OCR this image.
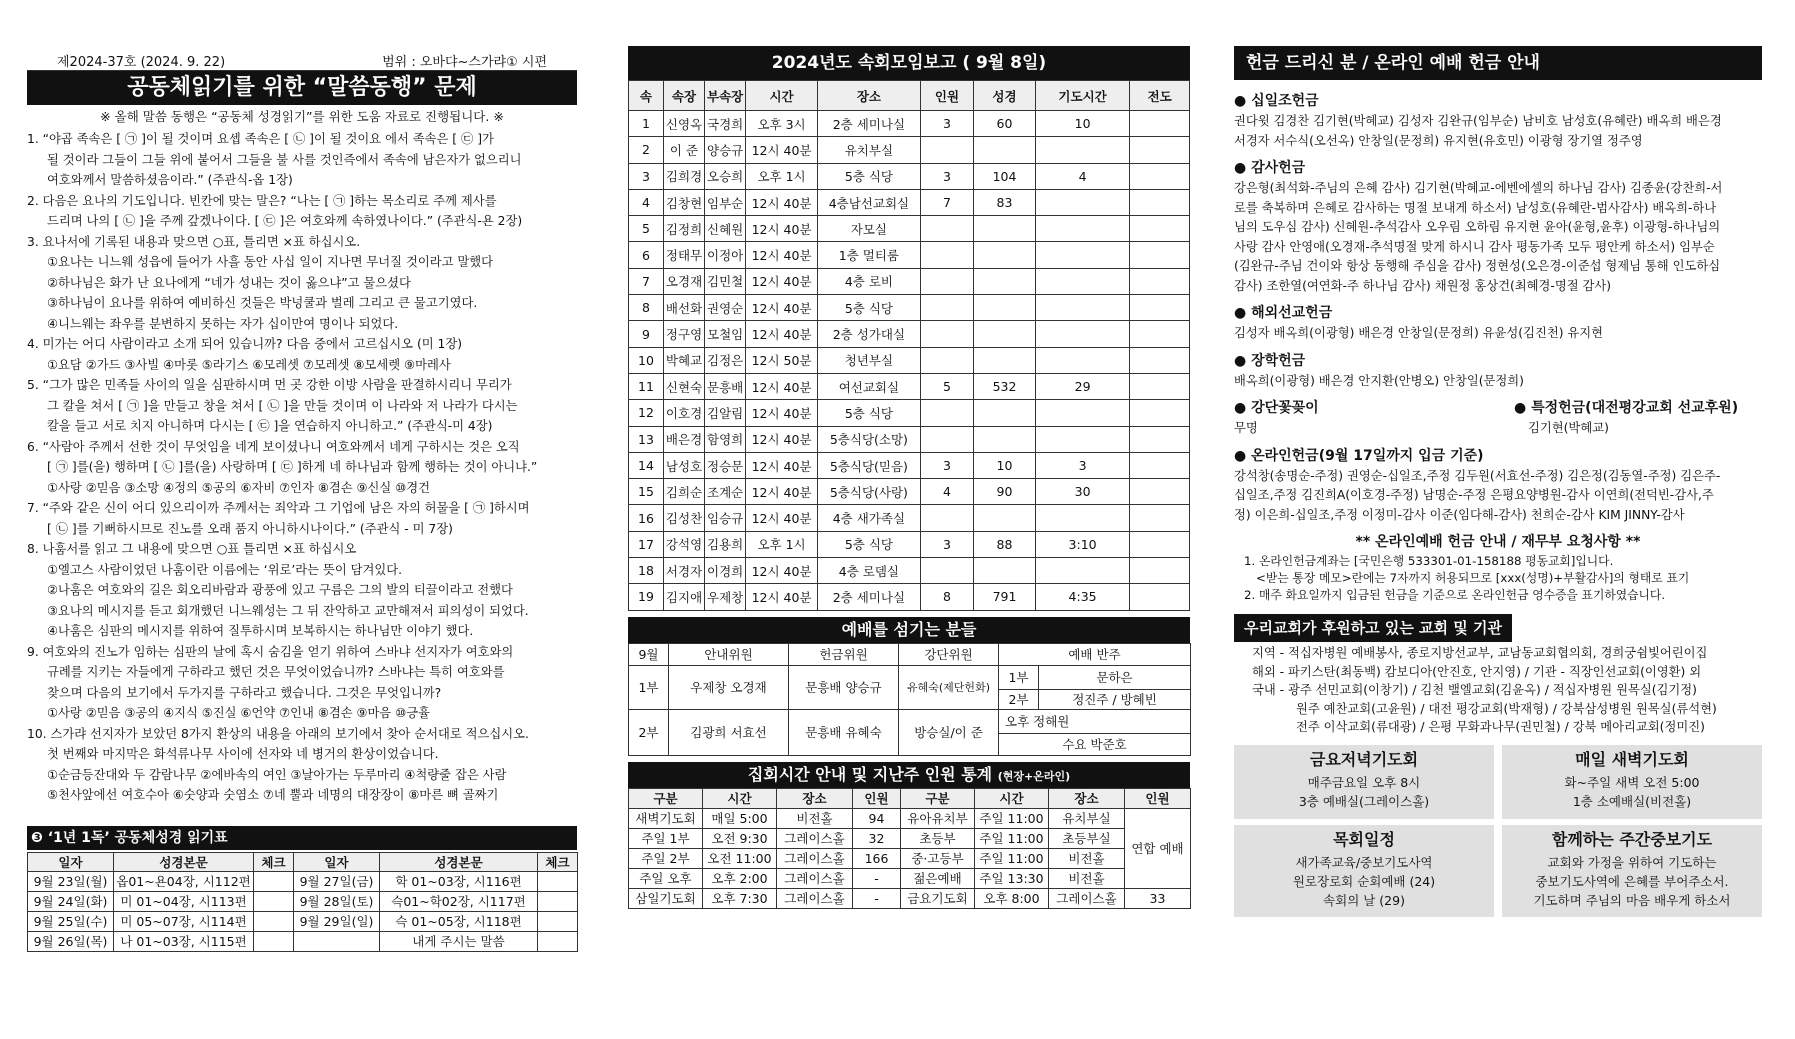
제2024-37호 (2024. 9. 22)	범위 : 오바댜~스가랴① 시편
공동체읽기를 위한 “말씀동행” 문제
※ 올해 말씀 동행은 “공동체 성경읽기”를 위한 도움 자료로 진행됩니다. ※

1. “야곱 족속은 [ ㉠ ]이 될 것이며 요셉 족속은 [ ㉡ ]이 될 것이요 에서 족속은 [ ㉢ ]가

될 것이라 그들이 그들 위에 붙어서 그들을 불 사를 것인즉에서 족속에 남은자가 없으리니

여호와께서 말씀하셨음이라.” (주관식-옵 1장)

2. 다음은 요나의 기도입니다. 빈칸에 맞는 말은? “나는 [ ㉠ ]하는 목소리로 주께 제사를

드리며 나의 [ ㉡ ]을 주께 갚겠나이다. [ ㉢ ]은 여호와께 속하였나이다.” (주관식-욘 2장)

3. 요나서에 기록된 내용과 맞으면 ○표, 틀리면 ×표 하십시오.

①요나는 니느웨 성읍에 들어가 사흘 동안 사십 일이 지나면 무너질 것이라고 말했다

②하나님은 화가 난 요나에게 “네가 성내는 것이 옳으냐”고 물으셨다

③하나님이 요나를 위하여 예비하신 것들은 박넝쿨과 벌레 그리고 큰 물고기였다.

④니느웨는 좌우를 분변하지 못하는 자가 십이만여 명이나 되었다.

4. 미가는 어디 사람이라고 소개 되어 있습니까? 다음 중에서 고르십시오 (미 1장)

①요담 ②가드 ③사빌 ④마롯 ⑤라기스 ⑥모레셋 ⑦모레셋 ⑧모세렛 ⑨마레사

5. “그가 많은 민족들 사이의 일을 심판하시며 먼 곳 강한 이방 사람을 판결하시리니 무리가

그 칼을 쳐서 [ ㉠ ]을 만들고 창을 쳐서 [ ㉡ ]을 만들 것이며 이 나라와 저 나라가 다시는

칼을 들고 서로 치지 아니하며 다시는 [ ㉢ ]을 연습하지 아니하고.” (주관식-미 4장)

6. “사람아 주께서 선한 것이 무엇임을 네게 보이셨나니 여호와께서 네게 구하시는 것은 오직

[ ㉠ ]를(을) 행하며 [ ㉡ ]를(을) 사랑하며 [ ㉢ ]하게 네 하나님과 함께 행하는 것이 아니냐.”

①사랑 ②믿음 ③소망 ④정의 ⑤공의 ⑥자비 ⑦인자 ⑧겸손 ⑨신실 ⑩경건

7. “주와 같은 신이 어디 있으리이까 주께서는 죄악과 그 기업에 남은 자의 허물을 [ ㉠ ]하시며

[ ㉡ ]를 기뻐하시므로 진노를 오래 품지 아니하시나이다.” (주관식 - 미 7장)

8. 나훔서를 읽고 그 내용에 맞으면 ○표 틀리면 ×표 하십시오

①엘고스 사람이었던 나훔이란 이름에는 ‘위로’라는 뜻이 담겨있다.

②나훔은 여호와의 길은 회오리바람과 광풍에 있고 구름은 그의 발의 티끌이라고 전했다

③요나의 메시지를 듣고 회개했던 니느웨성는 그 뒤 잔악하고 교만해져서 피의성이 되었다.

④나훔은 심판의 메시지를 위하여 질투하시며 보복하시는 하나님만 이야기 했다.

9. 여호와의 진노가 임하는 심판의 날에 혹시 숨김을 얻기 위하여 스바냐 선지자가 여호와의

규례를 지키는 자들에게 구하라고 했던 것은 무엇이었습니까? 스바냐는 특히 여호와를

찾으며 다음의 보기에서 두가지를 구하라고 했습니다. 그것은 무엇입니까?

①사랑 ②믿음 ③공의 ④지식 ⑤진실 ⑥언약 ⑦인내 ⑧겸손 ⑨마음 ⑩긍휼

10. 스가랴 선지자가 보았던 8가지 환상의 내용을 아래의 보기에서 찾아 순서대로 적으십시오.

첫 번째와 마지막은 화석류나무 사이에 선자와 네 병거의 환상이었습니다.

①순금등잔대와 두 감람나무 ②에바속의 여인 ③날아가는 두루마리 ④척량줄 잡은 사람

⑤천사앞에선 여호수아 ⑥숫양과 숫염소 ⑦네 뿔과 네명의 대장장이 ⑧마른 뼈 골짜기

❸ ‘1년 1독’ 공동체성경 읽기표
일자	성경본문	체크	일자	성경본문	체크
9월 23일(월)	옵01~욘04장, 시112편		9월 27일(금)	학 01~03장, 시116편	
9월 24일(화)	미 01~04장, 시113편		9월 28일(토)	슥01~학02장, 시117편	
9월 25일(수)	미 05~07장, 시114편		9월 29일(일)	슥 01~05장, 시118편	
9월 26일(목)	나 01~03장, 시115편			내게 주시는 말씀	
2024년도 속회모임보고 ( 9월 8일)
속	속장	부속장	시간	장소	인원	성경	기도시간	전도
1	신영옥	국경희	오후 3시	2층 세미나실	3	60	10	
2	이 준	양승규	12시 40분	유치부실				
3	김희경	오승희	오후 1시	5층 식당	3	104	4	
4	김창현	임부순	12시 40분	4층남선교회실	7	83		
5	김정희	신혜원	12시 40분	자모실				
6	정태무	이정아	12시 40분	1층 멀티룸				
7	오경재	김민철	12시 40분	4층 로비				
8	배선화	권영순	12시 40분	5층 식당				
9	정구영	모철임	12시 40분	2층 성가대실				
10	박혜교	김정은	12시 50분	청년부실				
11	신현숙	문흥배	12시 40분	여선교회실	5	532	29	
12	이호경	김알림	12시 40분	5층 식당				
13	배은경	함영희	12시 40분	5층식당(소망)				
14	남성호	정승문	12시 40분	5층식당(믿음)	3	10	3	
15	김희순	조계순	12시 40분	5층식당(사랑)	4	90	30	
16	김성찬	임승규	12시 40분	4층 새가족실				
17	강석영	김용희	오후 1시	5층 식당	3	88	3:10	
18	서경자	이경희	12시 40분	4층 로뎀실				
19	김지애	우제창	12시 40분	2층 세미나실	8	791	4:35	
예배를 섬기는 분들
9월	안내위원	헌금위원	강단위원	예배 반주	
1부	우제창 오경재	문흥배 양승규	유혜숙(제단헌화)	1부	문하은
				2부	정진주 / 방혜빈
2부	김광희 서효선	문흥배 유혜숙	방승실/이 준	오후 정해원	
				수요 박준호	
집회시간 안내 및 지난주 인원 통계 (현장+온라인)
구분	시간	장소	인원	구분	시간	장소	인원
새벽기도회	매일 5:00	비전홀	94	유아유치부	주일 11:00	유치부실	연합 예배
주일 1부	오전 9:30	그레이스홀	32	초등부	주일 11:00	초등부실	
주일 2부	오전 11:00	그레이스홀	166	중·고등부	주일 11:00	비전홀	
주일 오후	오후 2:00	그레이스홀	-	젊은예배	주일 13:30	비전홀	
삼일기도회	오후 7:30	그레이스홀	-	금요기도회	오후 8:00	그레이스홀	33
헌금 드리신 분 / 온라인 예배 헌금 안내
● 십일조헌금
권다윗 김경찬 김기현(박혜교) 김성자 김완규(임부순) 남비호 남성호(유혜란) 배옥희 배은경
서경자 서수식(오선옥) 안창일(문정희) 유지현(유호민) 이광형 장기열 정주영
● 감사헌금
강은형(최석화-주님의 은혜 감사) 김기현(박혜교-에벤에셀의 하나님 감사) 김종윤(강찬희-서
로를 축복하며 은혜로 감사하는 명절 보내게 하소서) 남성호(유혜란-범사감사) 배옥희-하나
님의 도우심 감사) 신혜원-추석감사 오우림 오하림 유지현 윤아(윤형,윤후) 이광형-하나님의
사랑 감사 안영애(오경재-추석명절 맞게 하시니 감사 평동가족 모두 평안케 하소서) 임부순
(김완규-주님 건이와 항상 동행해 주심을 감사) 정현성(오은경-이준섭 형제님 통해 인도하심
감사) 조한열(여연화-주 하나님 감사) 채원정 홍상건(최혜경-명절 감사)
● 해외선교헌금
김성자 배옥희(이광형) 배은경 안창일(문정희) 유윤성(김진천) 유지현
● 장학헌금
배옥희(이광형) 배은경 안지환(안병오) 안창일(문정희)
● 강단꽃꽂이
무명
● 특정헌금(대전평강교회 선교후원)
김기현(박혜교)
● 온라인헌금(9월 17일까지 입금 기준)
강석창(송명순-주정) 권영순-십일조,주정 김두원(서효선-주정) 김은정(김동열-주정) 김은주-
십일조,주정 김진희A(이호경-주정) 남명순-주정 은평요양병원-감사 이연희(전덕빈-감사,주
정) 이은희-십일조,주정 이정미-감사 이준(임다해-감사) 천희순-감사 KIM JINNY-감사
** 온라인예배 헌금 안내 / 재무부 요청사항 **
1. 온라인헌금계좌는 [국민은행 533301-01-158188 평동교회]입니다.
<받는 통장 메모>란에는 7자까지 허용되므로 [xxx(성명)+부활감사]의 형태로 표기
2. 매주 화요일까지 입금된 헌금을 기준으로 온라인헌금 영수증을 표기하였습니다.
우리교회가 후원하고 있는 교회 및 기관
지역 - 적십자병원 예배봉사, 종로지방선교부, 교남동교회협의회, 경희궁쉼빛어린이집
해외 - 파키스탄(최동백) 캄보디아(안진호, 안지영) / 기관 - 직장인선교회(이영환) 외
국내 - 광주 선민교회(이창기) / 김천 밸엘교회(김윤옥) / 적십자병원 원목실(김기정)
원주 예찬교회(고윤원) / 대전 평강교회(박재형) / 강북삼성병원 원목실(류석현)
전주 이삭교회(류대광) / 은평 무화과나무(권민철) / 강북 메아리교회(정미진)
금요저녁기도회
매주금요일 오후 8시
3층 예배실(그레이스홀)
매일 새벽기도회
화~주일 새벽 오전 5:00
1층 소예배실(비전홀)
목회일정
새가족교육/중보기도사역
원로장로회 순회예배 (24)
속회의 날 (29)
함께하는 주간중보기도
교회와 가정을 위하여 기도하는
중보기도사역에 은혜를 부어주소서.
기도하며 주님의 마음 배우게 하소서
